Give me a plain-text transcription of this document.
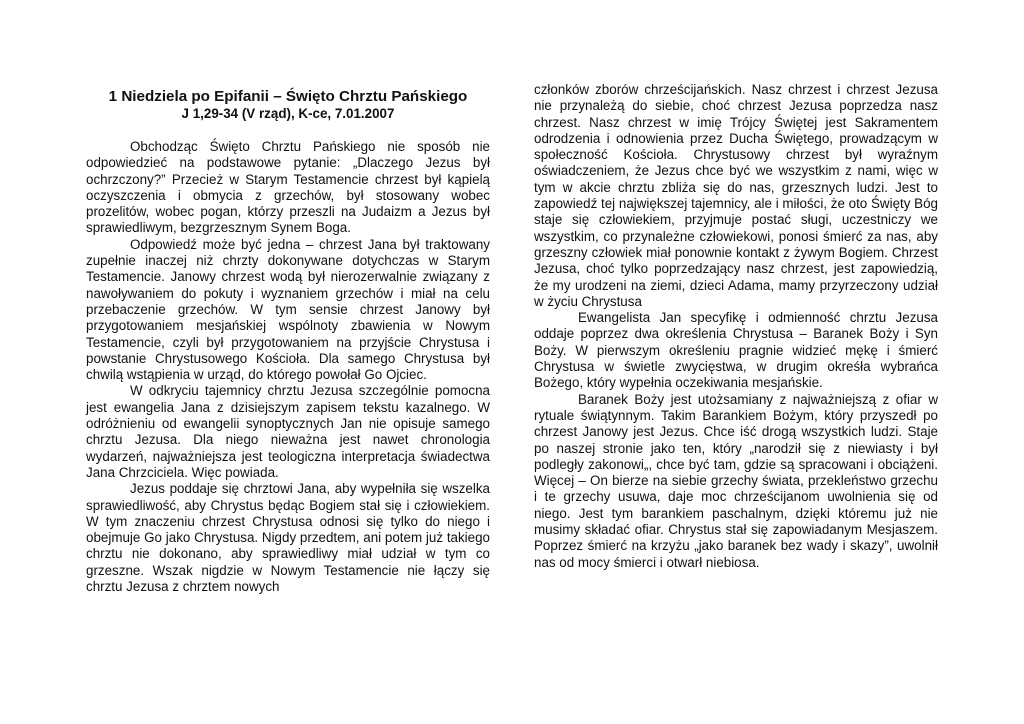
1 Niedziela po Epifanii – Święto Chrztu Pańskiego

J 1,29-34 (V rząd), K-ce, 7.01.2007

Obchodząc Święto Chrztu Pańskiego nie sposób nie odpowiedzieć na podstawowe pytanie: „Dlaczego Jezus był ochrzczony?” Przecież w Starym Testamencie chrzest był kąpielą oczyszczenia i obmycia z grzechów, był stosowany wobec prozelitów, wobec pogan, którzy przeszli na Judaizm a Jezus był sprawiedliwym, bezgrzesznym Synem Boga.

Odpowiedź może być jedna – chrzest Jana był traktowany zupełnie inaczej niż chrzty dokonywane dotychczas w Starym Testamencie. Janowy chrzest wodą był nierozerwalnie związany z nawoływaniem do pokuty i wyznaniem grzechów i miał na celu przebaczenie grzechów. W tym sensie chrzest Janowy był przygotowaniem mesjańskiej wspólnoty zbawienia w Nowym Testamencie, czyli był przygotowaniem na przyjście Chrystusa i powstanie Chrystusowego Kościoła. Dla samego Chrystusa był chwilą wstąpienia w urząd, do którego powołał Go Ojciec.

W odkryciu tajemnicy chrztu Jezusa szczególnie pomocna jest ewangelia Jana z dzisiejszym zapisem tekstu kazalnego. W odróżnieniu od ewangelii synoptycznych Jan nie opisuje samego chrztu Jezusa. Dla niego nieważna jest nawet chronologia wydarzeń, najważniejsza jest teologiczna interpretacja świadectwa Jana Chrzciciela. Więc powiada.

Jezus poddaje się chrztowi Jana, aby wypełniła się wszelka sprawiedliwość, aby Chrystus będąc Bogiem stał się i człowiekiem. W tym znaczeniu chrzest Chrystusa odnosi się tylko do niego i obejmuje Go jako Chrystusa. Nigdy przedtem, ani potem już takiego chrztu nie dokonano, aby sprawiedliwy miał udział w tym co grzeszne. Wszak nigdzie w Nowym Testamencie nie łączy się chrztu Jezusa z chrztem nowych

członków zborów chrześcijańskich. Nasz chrzest i chrzest Jezusa nie przynależą do siebie, choć chrzest Jezusa poprzedza nasz chrzest. Nasz chrzest w imię Trójcy Świętej jest Sakramentem odrodzenia i odnowienia przez Ducha Świętego, prowadzącym w społeczność Kościoła. Chrystusowy chrzest był wyraźnym oświadczeniem, że Jezus chce być we wszystkim z nami, więc w tym w akcie chrztu zbliża się do nas, grzesznych ludzi. Jest to zapowiedź tej największej tajemnicy, ale i miłości, że oto Święty Bóg staje się człowiekiem, przyjmuje postać sługi, uczestniczy we wszystkim, co przynależne człowiekowi, ponosi śmierć za nas, aby grzeszny człowiek miał ponownie kontakt z żywym Bogiem. Chrzest Jezusa, choć tylko poprzedzający nasz chrzest, jest zapowiedzią, że my urodzeni na ziemi, dzieci Adama, mamy przyrzeczony udział w życiu Chrystusa

Ewangelista Jan specyfikę i odmienność chrztu Jezusa oddaje poprzez dwa określenia Chrystusa – Baranek Boży i Syn Boży. W pierwszym określeniu pragnie widzieć mękę i śmierć Chrystusa w świetle zwycięstwa, w drugim okreśła wybrańca Bożego, który wypełnia oczekiwania mesjańskie.

Baranek Boży jest utożsamiany z najważniejszą z ofiar w rytuale świątynnym. Takim Barankiem Bożym, który przyszedł po chrzest Janowy jest Jezus. Chce iść drogą wszystkich ludzi. Staje po naszej stronie jako ten, który „narodził się z niewiasty i był podległy zakonowi„, chce być tam, gdzie są spracowani i obciążeni. Więcej – On bierze na siebie grzechy świata, przekleństwo grzechu i te grzechy usuwa, daje moc chrześcijanom uwolnienia się od niego. Jest tym barankiem paschalnym, dzięki któremu już nie musimy składać ofiar. Chrystus stał się zapowiadanym Mesjaszem. Poprzez śmierć na krzyżu „jako baranek bez wady i skazy”, uwolnił nas od mocy śmierci i otwarł niebiosa.
